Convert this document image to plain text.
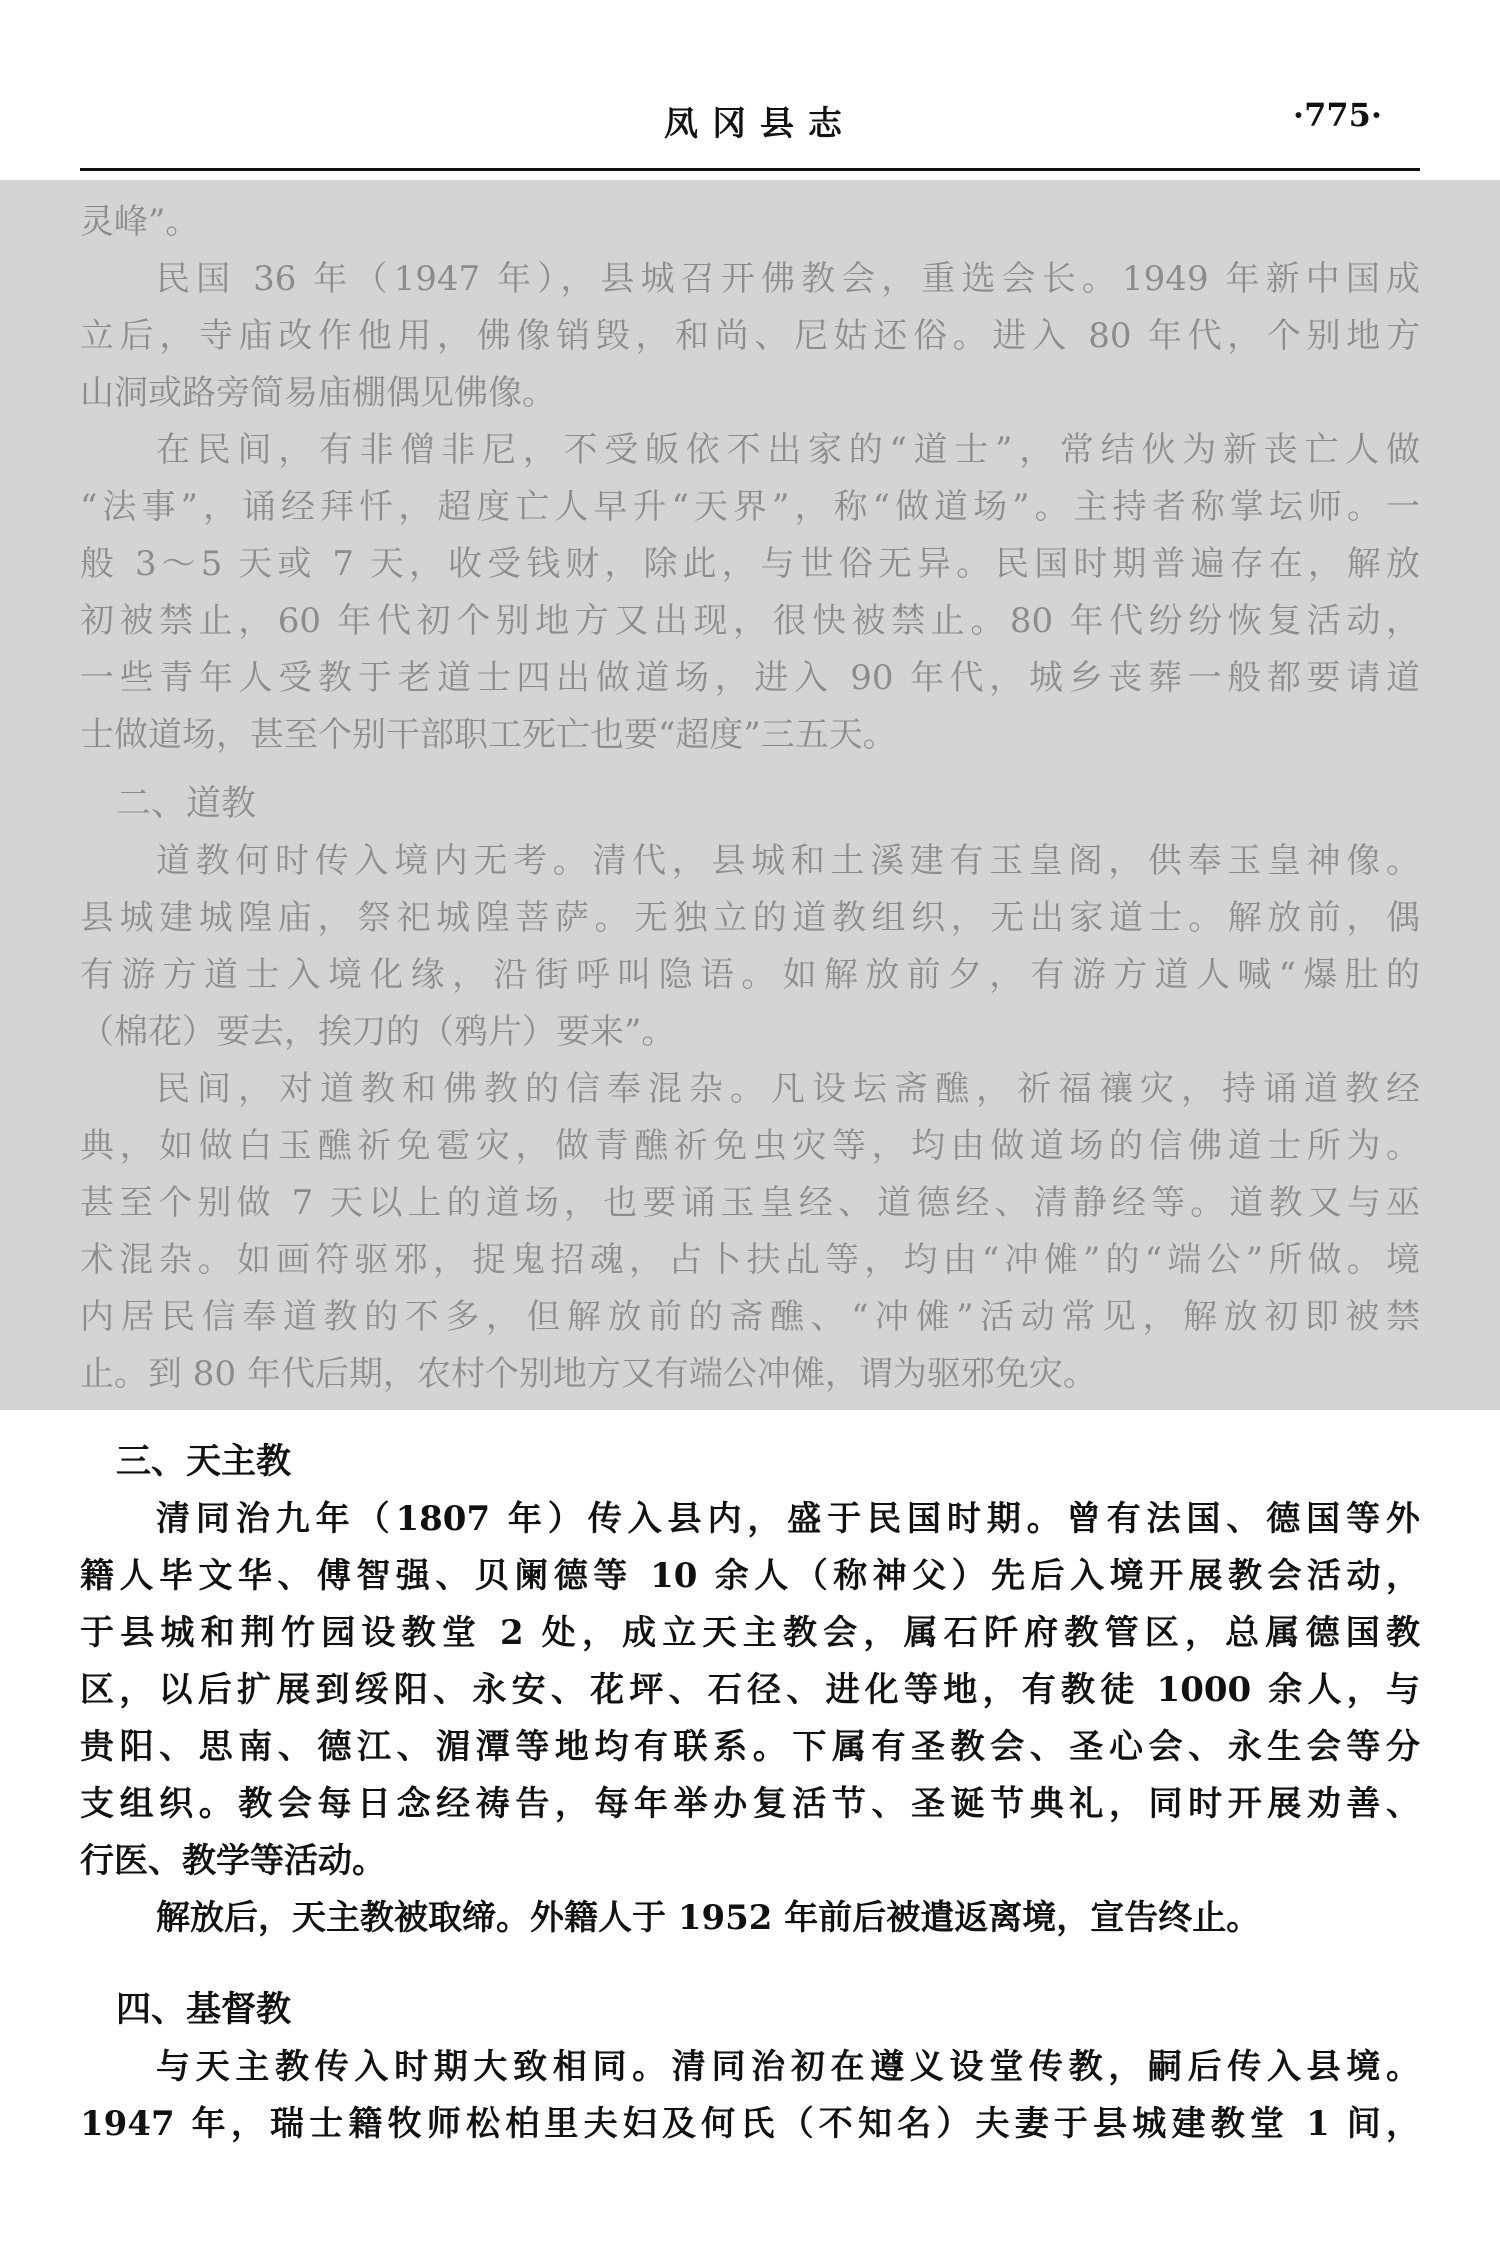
凤冈县志	·775·
灵峰”。
民国 36 年（1947 年），县城召开佛教会，重选会长。1949 年新中国成
立后，寺庙改作他用，佛像销毁，和尚、尼姑还俗。进入 80 年代，个别地方
山洞或路旁简易庙棚偶见佛像。
在民间，有非僧非尼，不受皈依不出家的“道士”，常结伙为新丧亡人做
“法事”，诵经拜忏，超度亡人早升“天界”，称“做道场”。主持者称掌坛师。一
般 3～5 天或 7 天，收受钱财，除此，与世俗无异。民国时期普遍存在，解放
初被禁止，60 年代初个别地方又出现，很快被禁止。80 年代纷纷恢复活动，
一些青年人受教于老道士四出做道场，进入 90 年代，城乡丧葬一般都要请道
士做道场，甚至个别干部职工死亡也要“超度”三五天。
二、道教
道教何时传入境内无考。清代，县城和土溪建有玉皇阁，供奉玉皇神像。
县城建城隍庙，祭祀城隍菩萨。无独立的道教组织，无出家道士。解放前，偶
有游方道士入境化缘，沿街呼叫隐语。如解放前夕，有游方道人喊“爆肚的
（棉花）要去，挨刀的（鸦片）要来”。
民间，对道教和佛教的信奉混杂。凡设坛斋醮，祈福禳灾，持诵道教经
典，如做白玉醮祈免雹灾，做青醮祈免虫灾等，均由做道场的信佛道士所为。
甚至个别做 7 天以上的道场，也要诵玉皇经、道德经、清静经等。道教又与巫
术混杂。如画符驱邪，捉鬼招魂，占卜扶乩等，均由“冲傩”的“端公”所做。境
内居民信奉道教的不多，但解放前的斋醮、“冲傩”活动常见，解放初即被禁
止。到 80 年代后期，农村个别地方又有端公冲傩，谓为驱邪免灾。
三、天主教
清同治九年（1807 年）传入县内，盛于民国时期。曾有法国、德国等外
籍人毕文华、傅智强、贝阑德等 10 余人（称神父）先后入境开展教会活动，
于县城和荆竹园设教堂 2 处，成立天主教会，属石阡府教管区，总属德国教
区，以后扩展到绥阳、永安、花坪、石径、进化等地，有教徒 1000 余人，与
贵阳、思南、德江、湄潭等地均有联系。下属有圣教会、圣心会、永生会等分
支组织。教会每日念经祷告，每年举办复活节、圣诞节典礼，同时开展劝善、
行医、教学等活动。
解放后，天主教被取缔。外籍人于 1952 年前后被遣返离境，宣告终止。
四、基督教
与天主教传入时期大致相同。清同治初在遵义设堂传教，嗣后传入县境。
1947 年，瑞士籍牧师松柏里夫妇及何氏（不知名）夫妻于县城建教堂 1 间，
